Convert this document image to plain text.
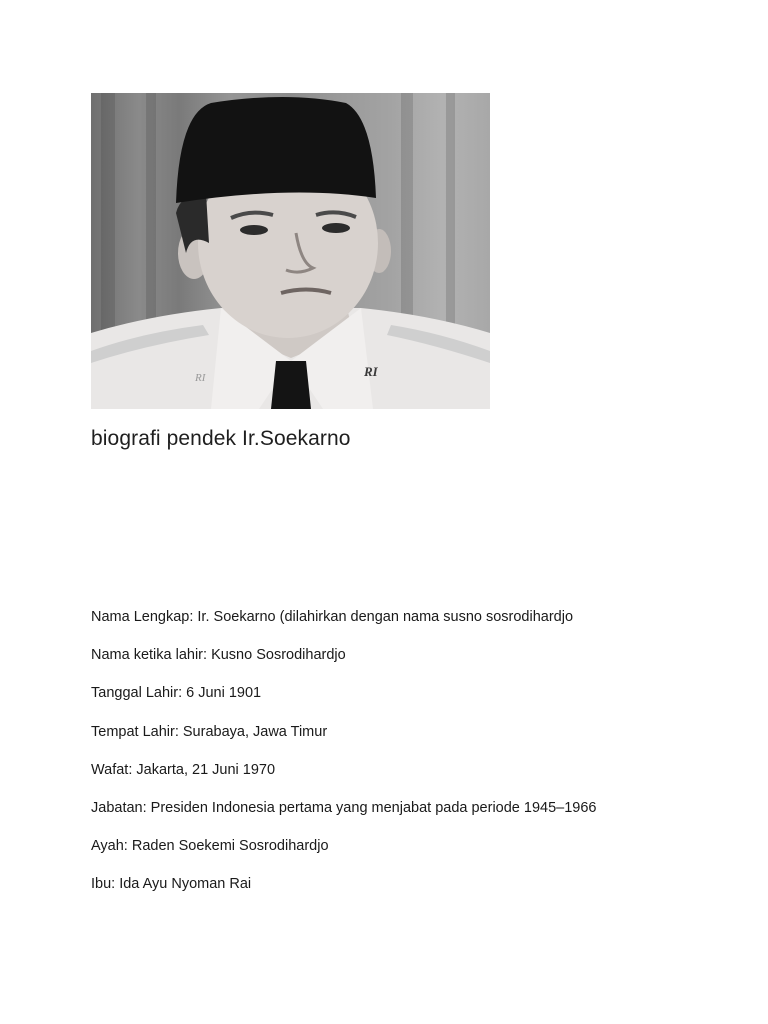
RI	RI
biografi pendek Ir.Soekarno
Nama Lengkap: Ir. Soekarno (dilahirkan dengan nama susno sosrodihardjo
Nama ketika lahir: Kusno Sosrodihardjo
Tanggal Lahir: 6 Juni 1901
Tempat Lahir: Surabaya, Jawa Timur
Wafat: Jakarta, 21 Juni 1970
Jabatan: Presiden Indonesia pertama yang menjabat pada periode 1945–1966
Ayah: Raden Soekemi Sosrodihardjo
Ibu: Ida Ayu Nyoman Rai
